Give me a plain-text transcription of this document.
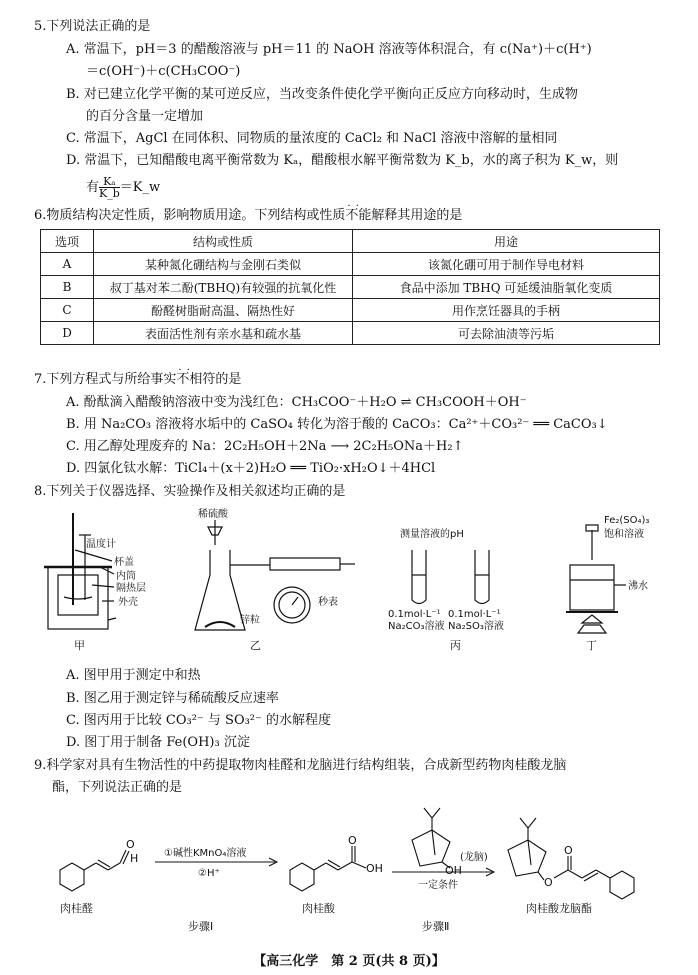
5.下列说法正确的是
A. 常温下，pH＝3 的醋酸溶液与 pH＝11 的 NaOH 溶液等体积混合，有 c(Na⁺)＋c(H⁺)
＝c(OH⁻)＋c(CH₃COO⁻)
B. 对已建立化学平衡的某可逆反应，当改变条件使化学平衡向正反应方向移动时，生成物
的百分含量一定增加
C. 常温下，AgCl 在同体积、同物质的量浓度的 CaCl₂ 和 NaCl 溶液中溶解的量相同
D. 常温下，已知醋酸电离平衡常数为 Kₐ，醋酸根水解平衡常数为 K_b，水的离子积为 K_w，则
有 $\frac{\text{Kₐ}}{K\_b}$ ＝K_w
6.物质结构决定性质，影响物质用途。下列结构或性质不能 · ·解释其用途的是
选项	结构或性质	用途
A	某种氮化硼结构与金刚石类似	该氮化硼可用于制作导电材料
B	叔丁基对苯二酚(TBHQ)有较强的抗氧化性	食品中添加 TBHQ 可延缓油脂氧化变质
C	酚醛树脂耐高温、隔热性好	用作烹饪器具的手柄
D	表面活性剂有亲水基和疏水基	可去除油渍等污垢
7.下列方程式与所给事实不相符 · ·的是
A. 酚酞滴入醋酸钠溶液中变为浅红色：CH₃COO⁻＋H₂O ⇌ CH₃COOH＋OH⁻
B. 用 Na₂CO₃ 溶液将水垢中的 CaSO₄ 转化为溶于酸的 CaCO₃：Ca²⁺＋CO₃²⁻ ══ CaCO₃↓
C. 用乙醇处理废弃的 Na：2C₂H₅OH＋2Na ⟶ 2C₂H₅ONa＋H₂↑
D. 四氯化钛水解：TiCl₄＋(x＋2)H₂O ══ TiO₂·xH₂O↓＋4HCl
8.下列关于仪器选择、实验操作及相关叙述均正确的是
温度计
杯盖
内筒
隔热层
外壳
甲
稀硫酸
秒表
锌粒
乙
测量溶液的pH
0.1mol·L⁻¹
Na₂CO₃溶液
0.1mol·L⁻¹
Na₂SO₃溶液
丙
Fe₂(SO₄)₃
饱和溶液
沸水
丁
A. 图甲用于测定中和热
B. 图乙用于测定锌与稀硫酸反应速率
C. 图丙用于比较 CO₃²⁻ 与 SO₃²⁻ 的水解程度
D. 图丁用于制备 Fe(OH)₃ 沉淀
9.科学家对具有生物活性的中药提取物肉桂醛和龙脑进行结构组装，合成新型药物肉桂酸龙脑
酯，下列说法正确的是
H
O	O
OH	OH
O
O
(龙脑)
①碱性KMnO₄溶液
②H⁺
一定条件
肉桂醛	肉桂酸	肉桂酸龙脑酯
步骤Ⅰ	步骤Ⅱ
【高三化学　第 2 页(共 8 页)】
